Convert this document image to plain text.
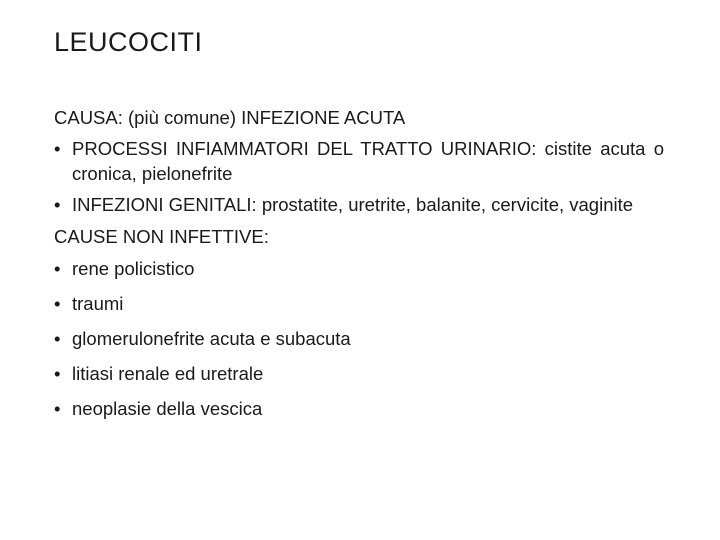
LEUCOCITI
CAUSA: (più comune) INFEZIONE ACUTA
• PROCESSI INFIAMMATORI DEL TRATTO URINARIO: cistite acuta o cronica, pielonefrite
• INFEZIONI GENITALI: prostatite, uretrite, balanite, cervicite, vaginite
CAUSE NON INFETTIVE:
• rene policistico
• traumi
• glomerulonefrite acuta e subacuta
• litiasi renale ed uretrale
• neoplasie della vescica
